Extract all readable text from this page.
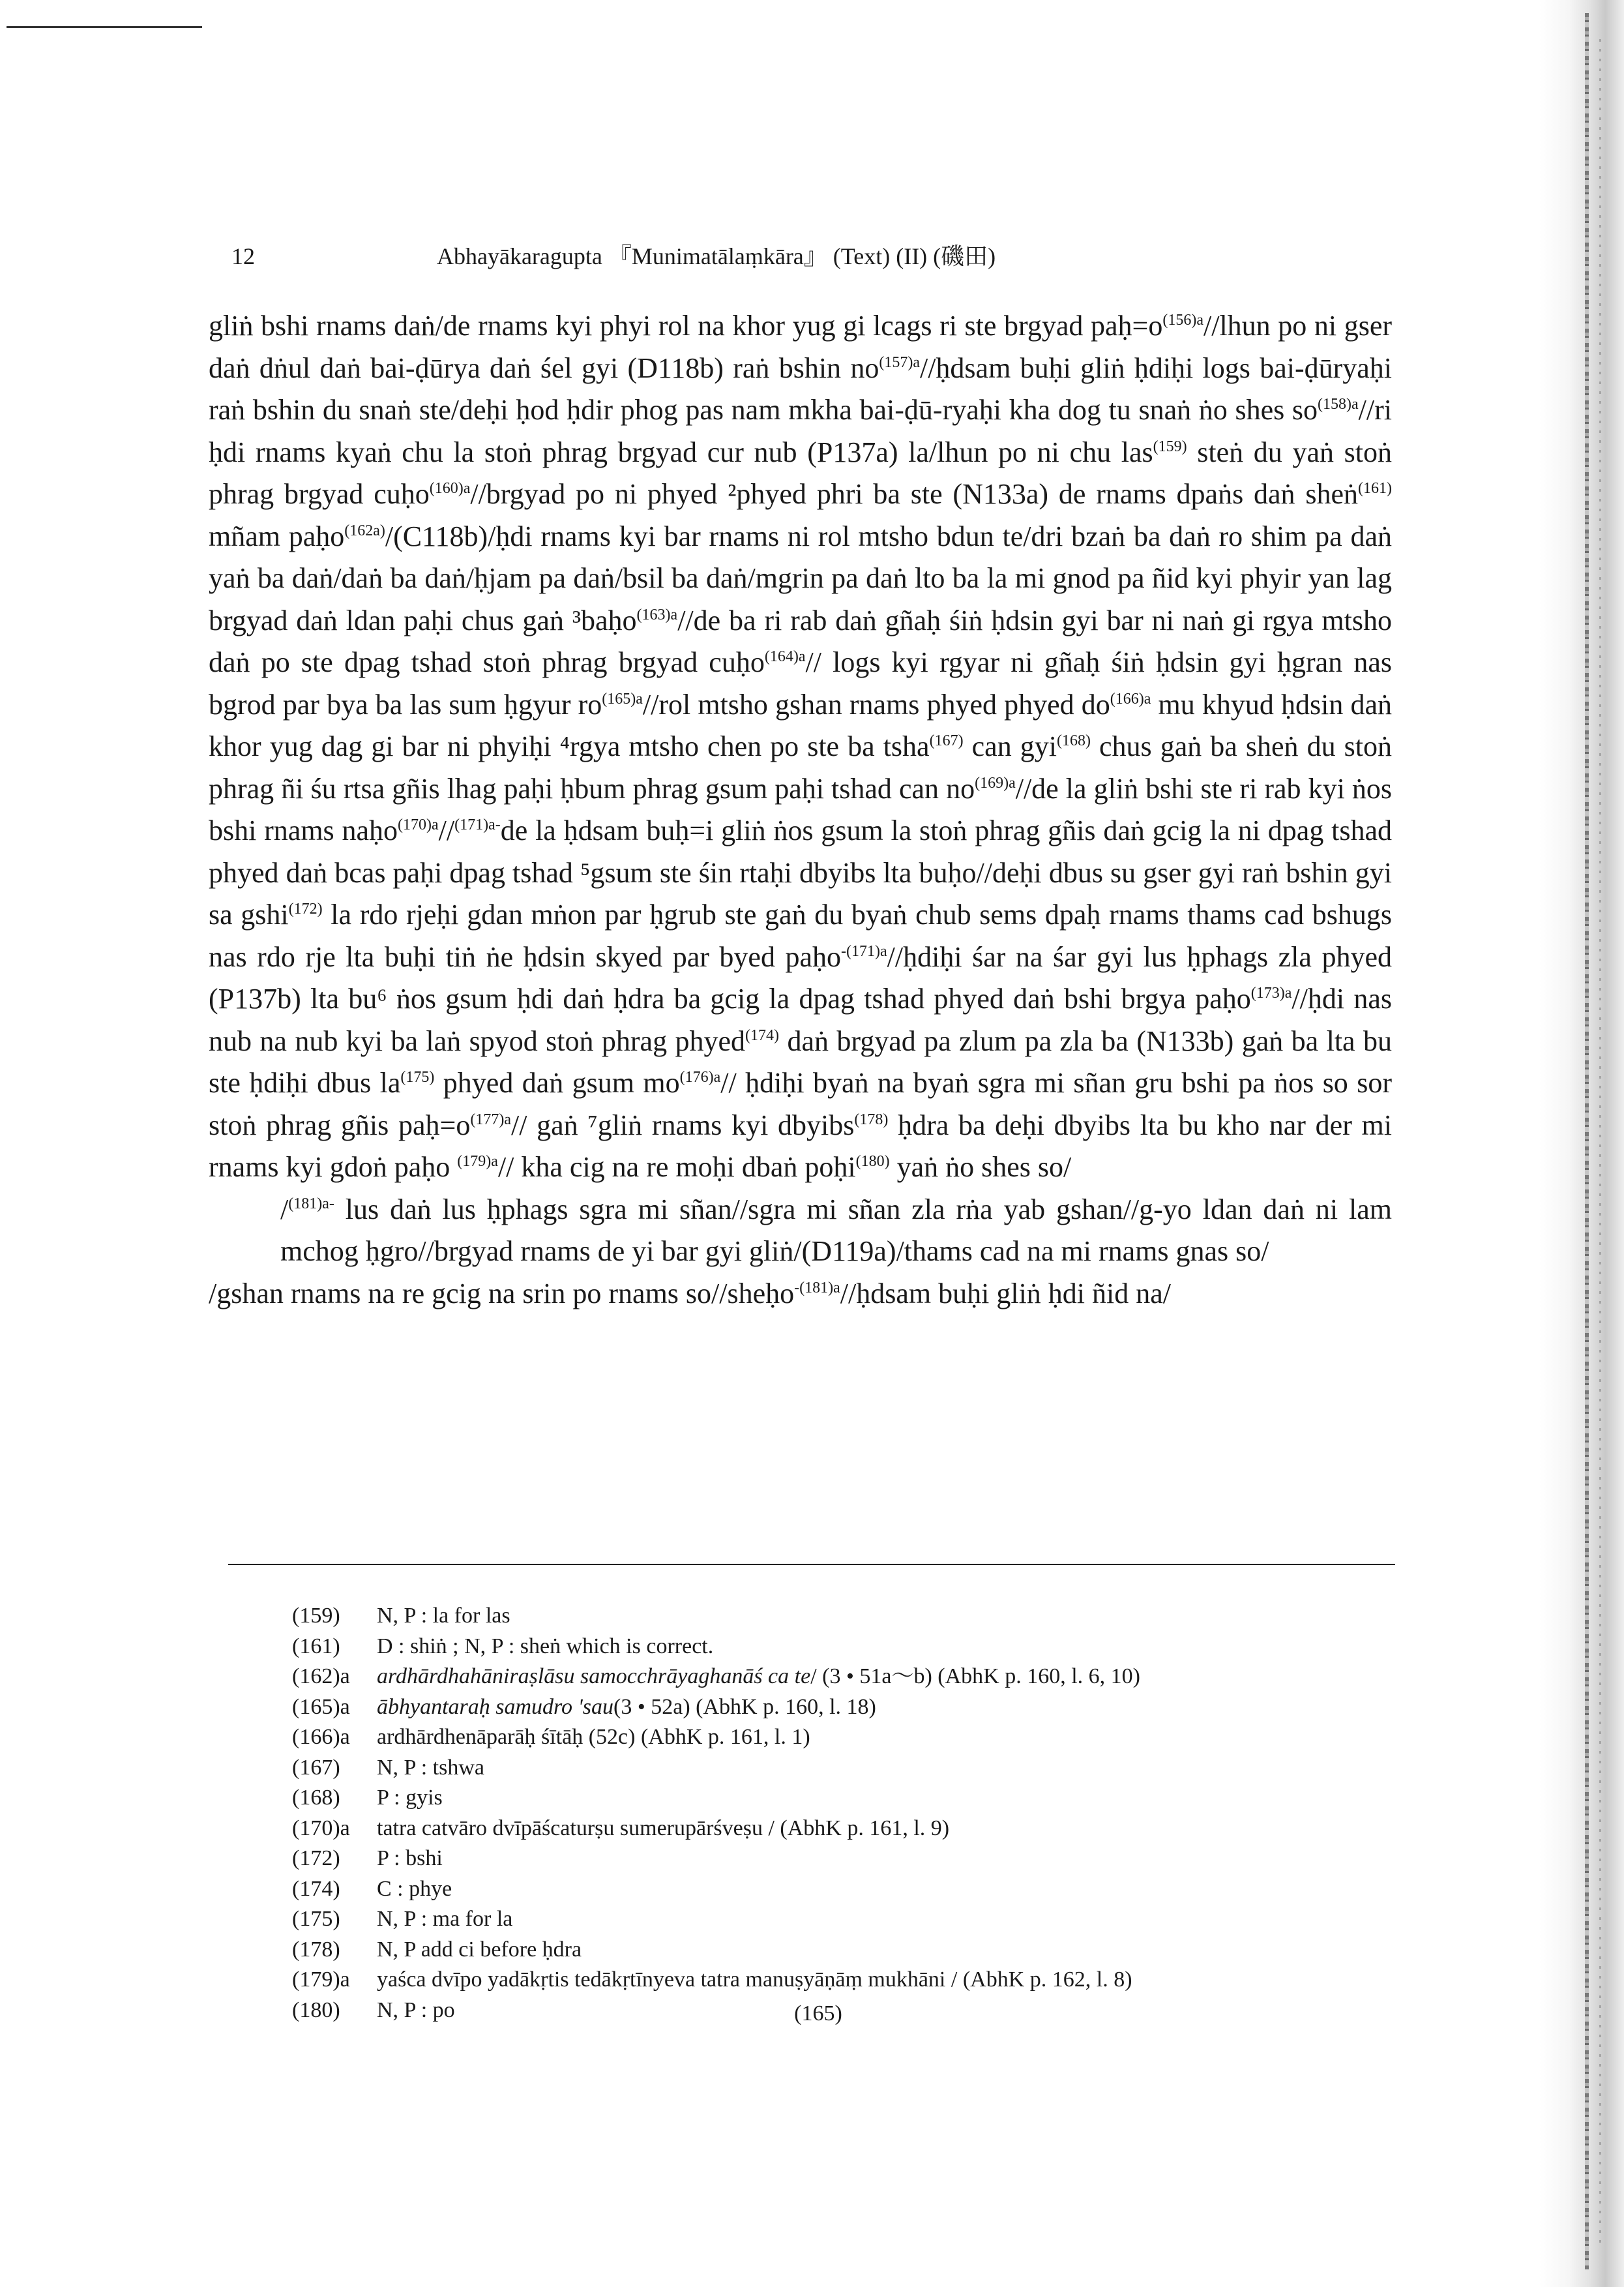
12	Abhayākaragupta 『Munimatālaṃkāra』 (Text) (II) (磯田)

gliṅ bshi rnams daṅ/de rnams kyi phyi rol na khor yug gi lcags ri ste brgyad $paḥ=o^{(156)a}/$/lhun po ni gser daṅ dṅul daṅ bai-ḍūrya daṅ śel gyi (D118b) raṅ bshin $no^{(157)a}/$/ḥdsam buḥi gliṅ ḥdiḥi logs bai-ḍūryaḥi raṅ bshin du snaṅ ste/deḥi ḥod ḥdir phog pas nam mkha bai-ḍū-ryaḥi kha dog tu snaṅ ṅo shes $so^{(158)a}//ri$ ḥdi rnams kyaṅ chu la stoṅ phrag brgyad cur nub (P137a) la/lhun po ni chu las$^{(159)}$ steṅ du yaṅ stoṅ phrag brgyad cuḥo$^{(160)a}$//brgyad po ni phyed ²phyed phri ba ste (N133a) de rnams dpaṅs daṅ sheṅ$^{(161)}$ mñam paḥo$^{(162a)}$/(C118b)/ḥdi rnams kyi bar rnams ni rol mtsho bdun te/dri bzaṅ ba daṅ ro shim pa daṅ yaṅ ba daṅ/daṅ ba daṅ/ḥjam pa daṅ/bsil ba daṅ/mgrin pa daṅ lto ba la mi gnod pa ñid kyi phyir yan lag brgyad daṅ ldan paḥi chus gaṅ ³baḥo$^{(163)a}$//de ba ri rab daṅ gñaḥ śiṅ ḥdsin gyi bar ni naṅ gi rgya mtsho daṅ po ste dpag tshad stoṅ phrag brgyad cuḥo$^{(164)a}$// logs kyi rgyar ni gñaḥ śiṅ ḥdsin gyi ḥgran nas bgrod par bya ba las sum ḥgyur $ro^{(165)a}/$/rol mtsho gshan rnams phyed phyed $do^{(166)a}$ mu khyud ḥdsin daṅ khor yug dag gi bar ni phyiḥi ⁴rgya mtsho chen po ste ba tsha$^{(167)}$ can gyi$^{(168)}$ chus gaṅ ba sheṅ du stoṅ phrag ñi śu rtsa gñis lhag paḥi ḥbum phrag gsum paḥi tshad can $no^{(169)a}//de$ la gliṅ bshi ste ri rab kyi ṅos bshi rnams naḥo$^{(170)a}$//$^{(171)a-}$de la ḥdsam buḥ=i gliṅ ṅos gsum la stoṅ phrag gñis daṅ gcig la ni dpag tshad phyed daṅ bcas paḥi dpag tshad ⁵gsum ste śin rtaḥi dbyibs lta buḥo//deḥi dbus su gser gyi raṅ bshin gyi sa gshi$^{(172)}$ la rdo rjeḥi gdan mṅon par ḥgrub ste gaṅ du byaṅ chub sems dpaḥ rnams thams cad bshugs nas rdo rje lta buḥi tiṅ ṅe ḥdsin skyed par byed paḥo$^{-(171)a}$//ḥdiḥi śar na śar gyi lus ḥphags zla phyed (P137b) lta bu⁶ ṅos gsum ḥdi daṅ ḥdra ba gcig la dpag tshad phyed daṅ bshi brgya paḥo$^{(173)a}$//ḥdi nas nub na nub kyi ba laṅ spyod stoṅ phrag phyed$^{(174)}$ daṅ brgyad pa zlum pa zla ba (N133b) gaṅ ba lta bu ste ḥdiḥi dbus $la^{(175)}$ phyed daṅ gsum $mo^{(176)a}//$ ḥdiḥi byaṅ na byaṅ sgra mi sñan gru bshi pa ṅos so sor stoṅ phrag gñis $paḥ=o^{(177)a}//$ gaṅ ⁷gliṅ rnams kyi dbyibs$^{(178)}$ ḥdra ba deḥi dbyibs lta bu kho nar der mi rnams kyi gdoṅ paḥo $^{(179)a}$// kha cig na re moḥi dbaṅ poḥi$^{(180)}$ yaṅ ṅo shes so/

/$^{(181)a-}$ lus daṅ lus ḥphags sgra mi sñan//sgra mi sñan zla rṅa yab gshan//g-yo ldan daṅ ni lam mchog ḥgro//brgyad rnams de yi bar gyi gliṅ/(D119a)/thams cad na mi rnams gnas so/

/gshan rnams na re gcig na srin po rnams so//sheḥo$^{-(181)a}$//ḥdsam buḥi gliṅ ḥdi ñid na/

(159)	N, P : la for las
(161)	D : shiṅ ; N, P : sheṅ which is correct.
(162)a	ardhārdhahāniraṣlāsu samocchrāyaghanāś ca te / (3 • 51a～b) (AbhK p. 160, l. 6, 10)
(165)a	ābhyantaraḥ samudro 'sau (3 • 52a) (AbhK p. 160, l. 18)
(166)a	ardhārdhenāparāḥ śītāḥ (52c) (AbhK p. 161, l. 1)
(167)	N, P : tshwa
(168)	P : gyis
(170)a	tatra catvāro dvīpāścaturṣu sumerupārśveṣu / (AbhK p. 161, l. 9)
(172)	P : bshi
(174)	C : phye
(175)	N, P : ma for la
(178)	N, P add ci before ḥdra
(179)a	yaśca dvīpo yadākṛtis tedākṛtīnyeva tatra manuṣyāṇāṃ mukhāni / (AbhK p. 162, l. 8)
(180)	N, P : po	(165)
